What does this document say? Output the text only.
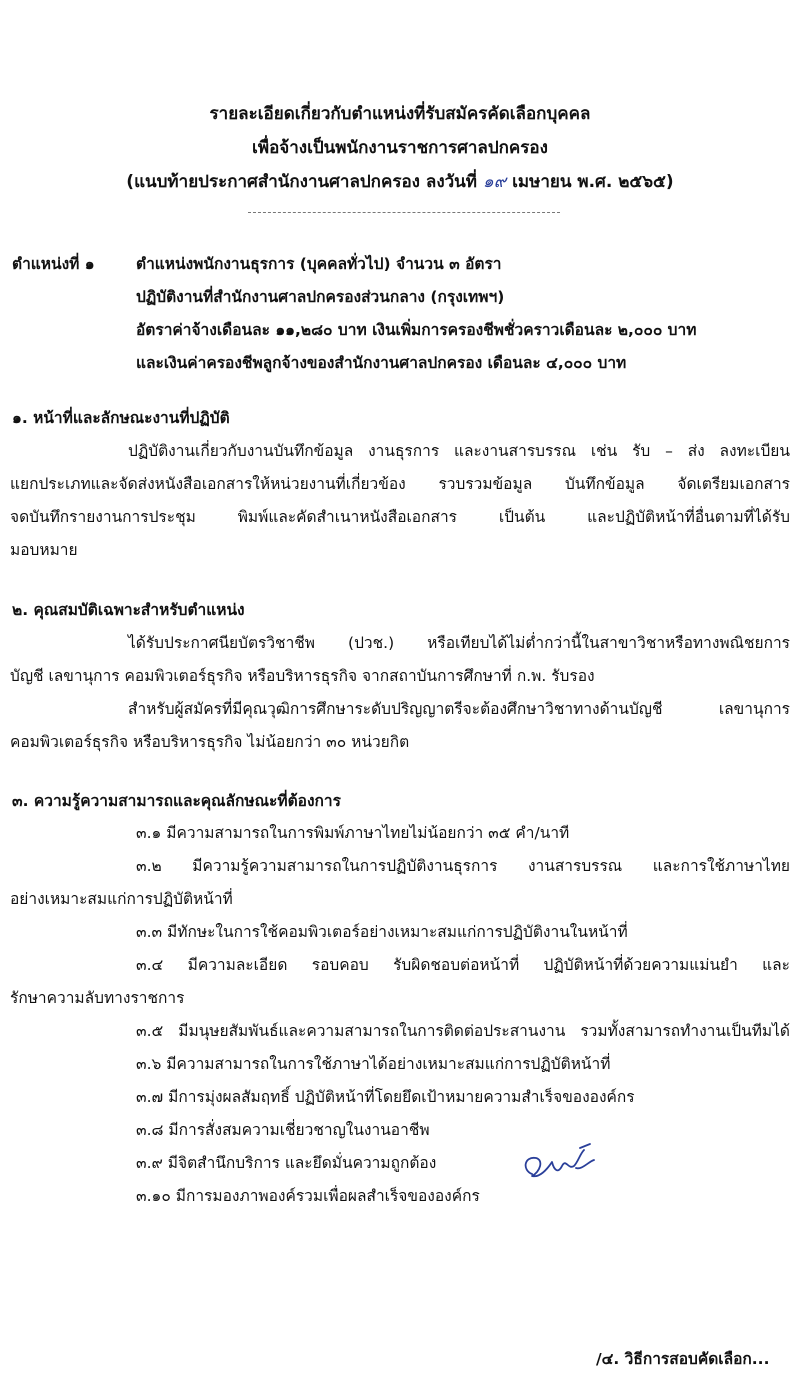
รายละเอียดเกี่ยวกับตำแหน่งที่รับสมัครคัดเลือกบุคคล
เพื่อจ้างเป็นพนักงานราชการศาลปกครอง
(แนบท้ายประกาศสำนักงานศาลปกครอง ลงวันที่ ๑๙ เมษายน พ.ศ. ๒๕๖๕)
ตำแหน่งที่ ๑	ตำแหน่งพนักงานธุรการ (บุคคลทั่วไป) จำนวน ๓ อัตรา
ปฏิบัติงานที่สำนักงานศาลปกครองส่วนกลาง (กรุงเทพฯ)
อัตราค่าจ้างเดือนละ ๑๑,๒๘๐ บาท เงินเพิ่มการครองชีพชั่วคราวเดือนละ ๒,๐๐๐ บาท
และเงินค่าครองชีพลูกจ้างของสำนักงานศาลปกครอง เดือนละ ๔,๐๐๐ บาท
๑. หน้าที่และลักษณะงานที่ปฏิบัติ
ปฏิบัติงานเกี่ยวกับงานบันทึกข้อมูล งานธุรการ และงานสารบรรณ เช่น รับ – ส่ง ลงทะเบียน
แยกประเภทและจัดส่งหนังสือเอกสารให้หน่วยงานที่เกี่ยวข้อง รวบรวมข้อมูล บันทึกข้อมูล จัดเตรียมเอกสาร
จดบันทึกรายงานการประชุม พิมพ์และคัดสำเนาหนังสือเอกสาร เป็นต้น และปฏิบัติหน้าที่อื่นตามที่ได้รับ
มอบหมาย
๒. คุณสมบัติเฉพาะสำหรับตำแหน่ง
ได้รับประกาศนียบัตรวิชาชีพ (ปวช.) หรือเทียบได้ไม่ต่ำกว่านี้ในสาขาวิชาหรือทางพณิชยการ
บัญชี เลขานุการ คอมพิวเตอร์ธุรกิจ หรือบริหารธุรกิจ จากสถาบันการศึกษาที่ ก.พ. รับรอง
สำหรับผู้สมัครที่มีคุณวุฒิการศึกษาระดับปริญญาตรีจะต้องศึกษาวิชาทางด้านบัญชี เลขานุการ
คอมพิวเตอร์ธุรกิจ หรือบริหารธุรกิจ ไม่น้อยกว่า ๓๐ หน่วยกิต
๓. ความรู้ความสามารถและคุณลักษณะที่ต้องการ
๓.๑ มีความสามารถในการพิมพ์ภาษาไทยไม่น้อยกว่า ๓๕ คำ/นาที
๓.๒ มีความรู้ความสามารถในการปฏิบัติงานธุรการ งานสารบรรณ และการใช้ภาษาไทย
อย่างเหมาะสมแก่การปฏิบัติหน้าที่
๓.๓ มีทักษะในการใช้คอมพิวเตอร์อย่างเหมาะสมแก่การปฏิบัติงานในหน้าที่
๓.๔ มีความละเอียด รอบคอบ รับผิดชอบต่อหน้าที่ ปฏิบัติหน้าที่ด้วยความแม่นยำ และ
รักษาความลับทางราชการ
๓.๕ มีมนุษยสัมพันธ์และความสามารถในการติดต่อประสานงาน รวมทั้งสามารถทำงานเป็นทีมได้
๓.๖ มีความสามารถในการใช้ภาษาได้อย่างเหมาะสมแก่การปฏิบัติหน้าที่
๓.๗ มีการมุ่งผลสัมฤทธิ์ ปฏิบัติหน้าที่โดยยึดเป้าหมายความสำเร็จขององค์กร
๓.๘ มีการสั่งสมความเชี่ยวชาญในงานอาชีพ
๓.๙ มีจิตสำนึกบริการ และยึดมั่นความถูกต้อง
๓.๑๐ มีการมองภาพองค์รวมเพื่อผลสำเร็จขององค์กร
/๔. วิธีการสอบคัดเลือก...
